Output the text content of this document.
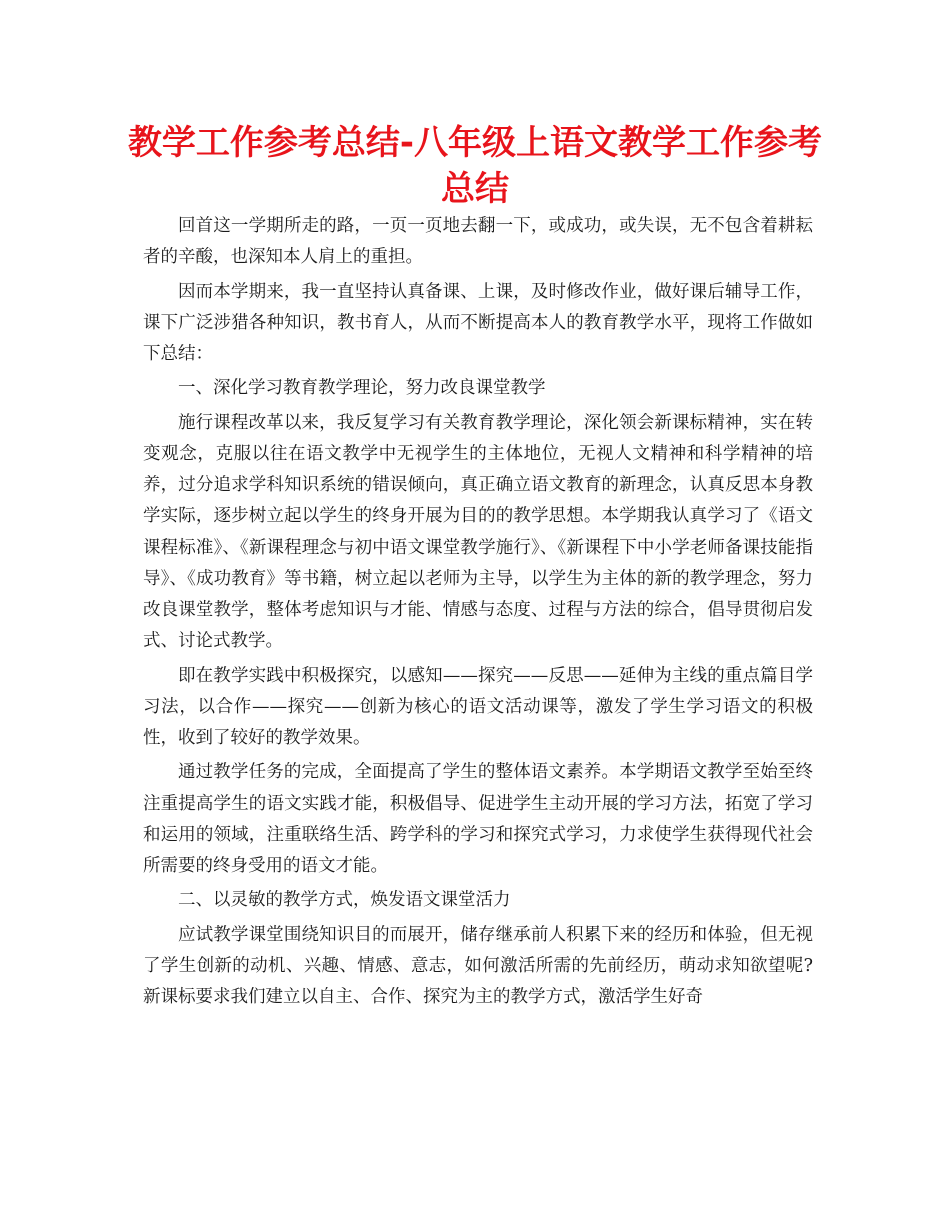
教学工作参考总结-八年级上语文教学工作参考总结

回首这一学期所走的路，一页一页地去翻一下，或成功，或失误，无不包含着耕耘者的辛酸，也深知本人肩上的重担。

因而本学期来，我一直坚持认真备课、上课，及时修改作业，做好课后辅导工作，课下广泛涉猎各种知识，教书育人，从而不断提高本人的教育教学水平，现将工作做如下总结：

一、深化学习教育教学理论，努力改良课堂教学

施行课程改革以来，我反复学习有关教育教学理论，深化领会新课标精神，实在转变观念，克服以往在语文教学中无视学生的主体地位，无视人文精神和科学精神的培养，过分追求学科知识系统的错误倾向，真正确立语文教育的新理念，认真反思本身教学实际，逐步树立起以学生的终身开展为目的的教学思想。本学期我认真学习了《语文课程标准》、《新课程理念与初中语文课堂教学施行》、《新课程下中小学老师备课技能指导》、《成功教育》等书籍，树立起以老师为主导，以学生为主体的新的教学理念，努力改良课堂教学，整体考虑知识与才能、情感与态度、过程与方法的综合，倡导贯彻启发式、讨论式教学。

即在教学实践中积极探究，以感知——探究——反思——延伸为主线的重点篇目学习法，以合作——探究——创新为核心的语文活动课等，激发了学生学习语文的积极性，收到了较好的教学效果。

通过教学任务的完成，全面提高了学生的整体语文素养。本学期语文教学至始至终注重提高学生的语文实践才能，积极倡导、促进学生主动开展的学习方法，拓宽了学习和运用的领域，注重联络生活、跨学科的学习和探究式学习，力求使学生获得现代社会所需要的终身受用的语文才能。

二、以灵敏的教学方式，焕发语文课堂活力

应试教学课堂围绕知识目的而展开，储存继承前人积累下来的经历和体验，但无视了学生创新的动机、兴趣、情感、意志，如何激活所需的先前经历，萌动求知欲望呢?新课标要求我们建立以自主、合作、探究为主的教学方式，激活学生好奇
